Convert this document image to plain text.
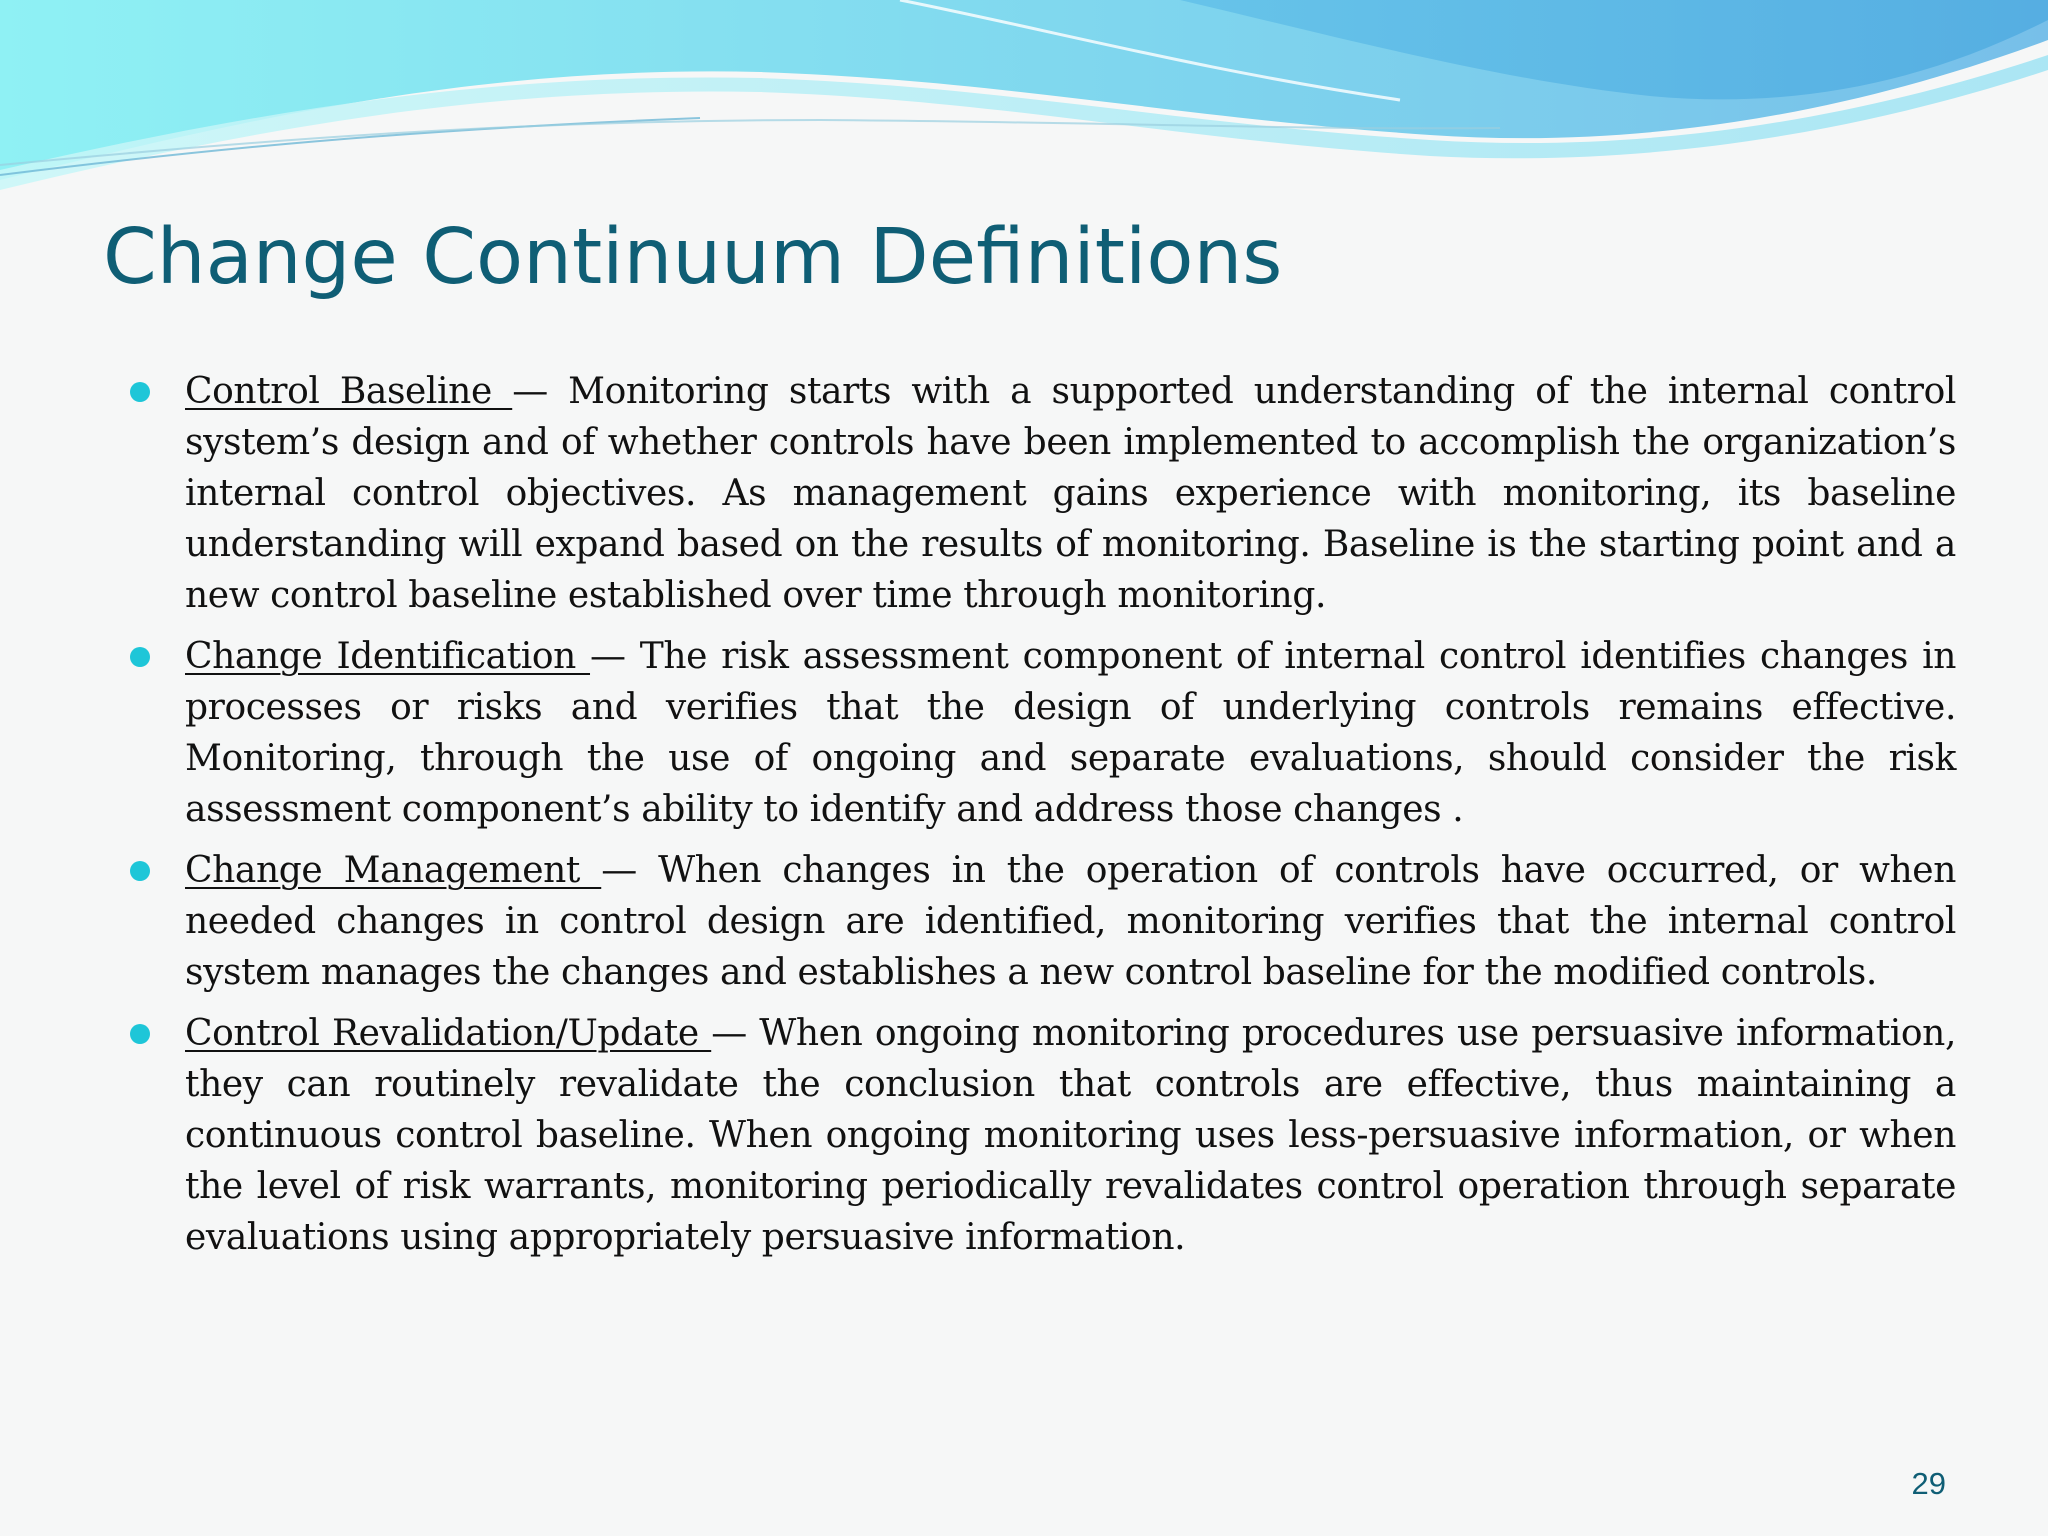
Change Continuum Definitions
Control Baseline — Monitoring starts with a supported understanding of the internal control system’s design and of whether controls have been implemented to accomplish the organization’s internal control objectives. As management gains experience with monitoring, its baseline understanding will expand based on the results of monitoring. Baseline is the starting point and a new control baseline established over time through monitoring.
Change Identification — The risk assessment component of internal control identifies changes in processes or risks and verifies that the design of underlying controls remains effective. Monitoring, through the use of ongoing and separate evaluations, should consider the risk assessment component’s ability to identify and address those changes .
Change Management — When changes in the operation of controls have occurred, or when needed changes in control design are identified, monitoring verifies that the internal control system manages the changes and establishes a new control baseline for the modified controls.
Control Revalidation/Update — When ongoing monitoring procedures use persuasive information, they can routinely revalidate the conclusion that controls are effective, thus maintaining a continuous control baseline. When ongoing monitoring uses less-persuasive information, or when the level of risk warrants, monitoring periodically revalidates control operation through separate evaluations using appropriately persuasive information.
29
